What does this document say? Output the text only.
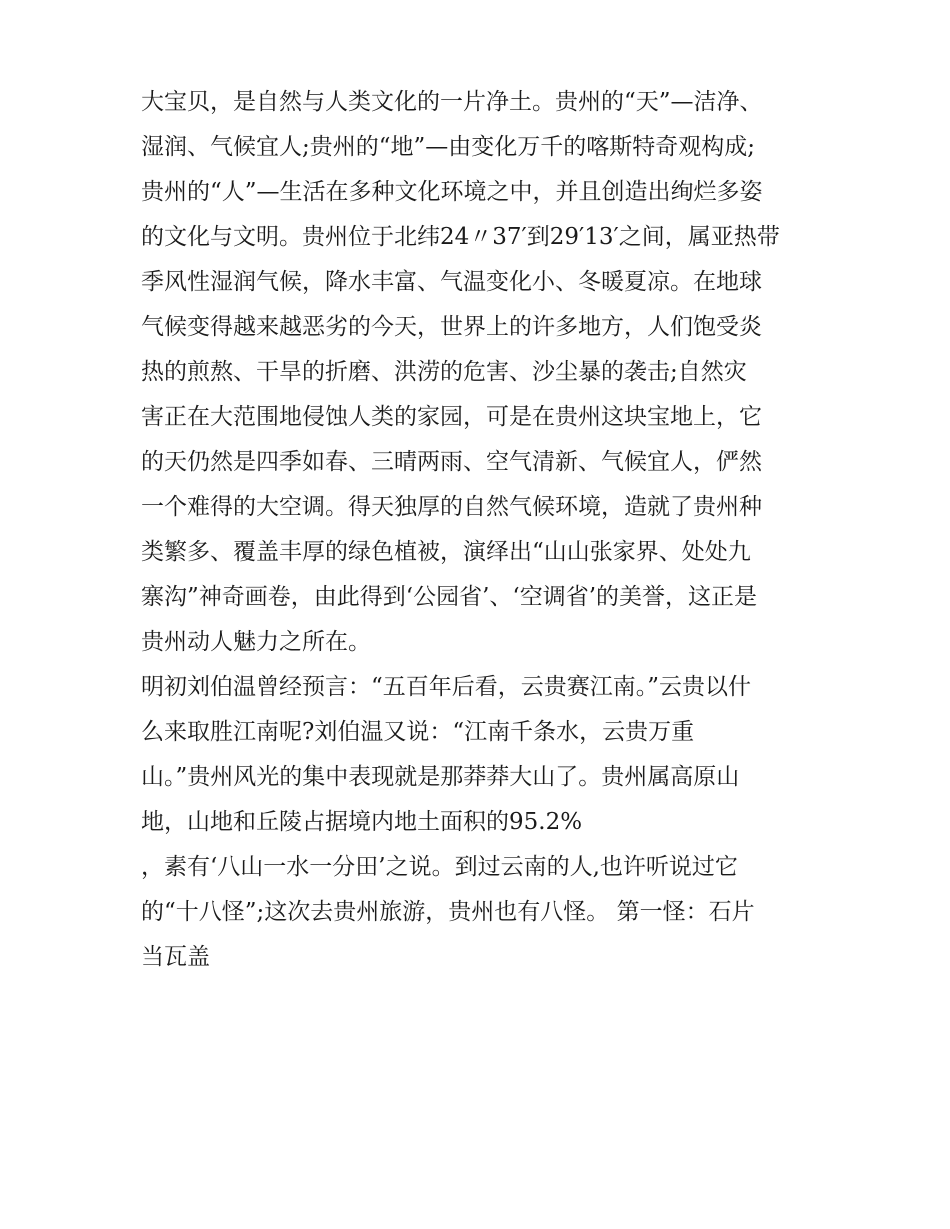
大宝贝，是自然与人类文化的一片净土。贵州的“天”—洁净、
湿润、气候宜人;贵州的“地”—由变化万千的喀斯特奇观构成;
贵州的“人”—生活在多种文化环境之中，并且创造出绚烂多姿
的文化与文明。贵州位于北纬24〃37′到29′13′之间，属亚热带
季风性湿润气候，降水丰富、气温变化小、冬暖夏凉。在地球
气候变得越来越恶劣的今天，世界上的许多地方，人们饱受炎
热的煎熬、干旱的折磨、洪涝的危害、沙尘暴的袭击;自然灾
害正在大范围地侵蚀人类的家园，可是在贵州这块宝地上，它
的天仍然是四季如春、三晴两雨、空气清新、气候宜人，俨然
一个难得的大空调。得天独厚的自然气候环境，造就了贵州种
类繁多、覆盖丰厚的绿色植被，演绎出“山山张家界、处处九
寨沟”神奇画卷，由此得到‘公园省’、‘空调省’的美誉，这正是
贵州动人魅力之所在。
明初刘伯温曾经预言：“五百年后看，云贵赛江南。”云贵以什
么来取胜江南呢?刘伯温又说：“江南千条水，云贵万重
山。”贵州风光的集中表现就是那莽莽大山了。贵州属高原山
地，山地和丘陵占据境内地土面积的95.2%
，素有‘八山一水一分田’之说。到过云南的人,也许听说过它
的“十八怪”;这次去贵州旅游，贵州也有八怪。 第一怪：石片
当瓦盖
